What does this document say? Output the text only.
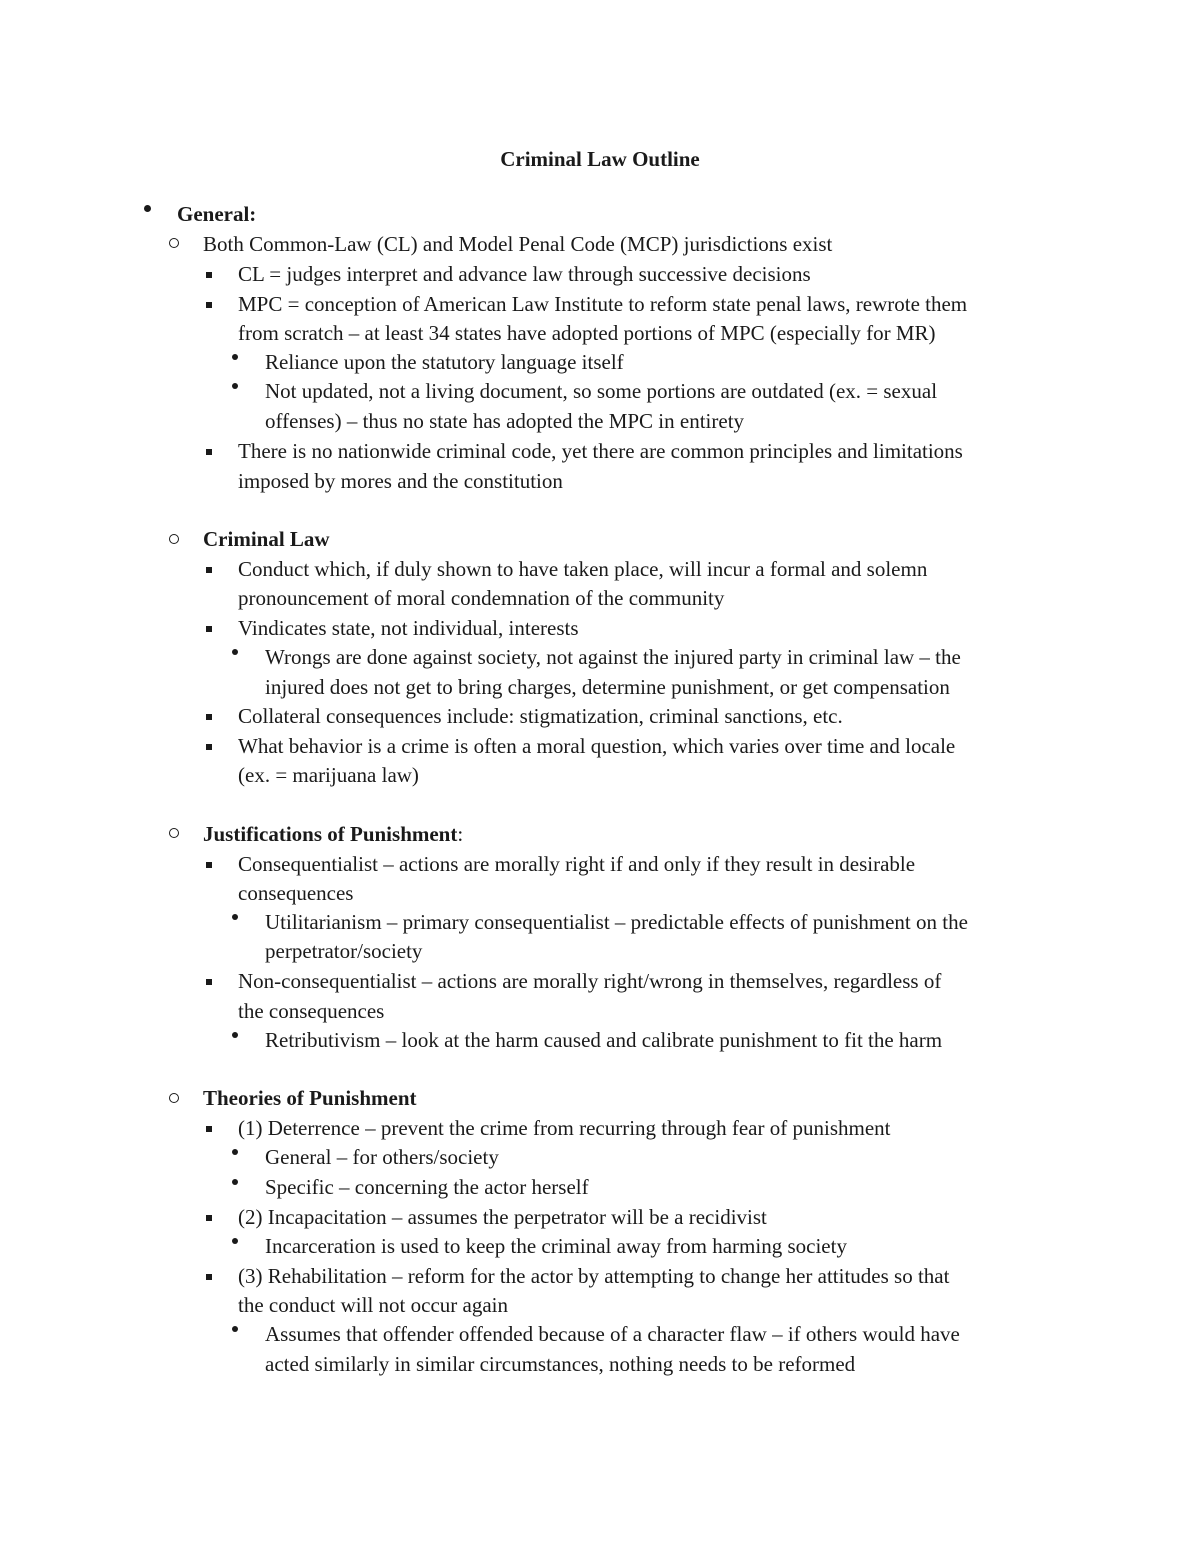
Criminal Law Outline
General:
Both Common-Law (CL) and Model Penal Code (MCP) jurisdictions exist
CL = judges interpret and advance law through successive decisions
MPC = conception of American Law Institute to reform state penal laws, rewrote them
from scratch – at least 34 states have adopted portions of MPC (especially for MR)
Reliance upon the statutory language itself
Not updated, not a living document, so some portions are outdated (ex. = sexual
offenses) – thus no state has adopted the MPC in entirety
There is no nationwide criminal code, yet there are common principles and limitations
imposed by mores and the constitution
Criminal Law
Conduct which, if duly shown to have taken place, will incur a formal and solemn
pronouncement of moral condemnation of the community
Vindicates state, not individual, interests
Wrongs are done against society, not against the injured party in criminal law – the
injured does not get to bring charges, determine punishment, or get compensation
Collateral consequences include: stigmatization, criminal sanctions, etc.
What behavior is a crime is often a moral question, which varies over time and locale
(ex. = marijuana law)
Justifications of Punishment:
Consequentialist – actions are morally right if and only if they result in desirable
consequences
Utilitarianism – primary consequentialist – predictable effects of punishment on the
perpetrator/society
Non-consequentialist – actions are morally right/wrong in themselves, regardless of
the consequences
Retributivism – look at the harm caused and calibrate punishment to fit the harm
Theories of Punishment
(1) Deterrence – prevent the crime from recurring through fear of punishment
General – for others/society
Specific – concerning the actor herself
(2) Incapacitation – assumes the perpetrator will be a recidivist
Incarceration is used to keep the criminal away from harming society
(3) Rehabilitation – reform for the actor by attempting to change her attitudes so that
the conduct will not occur again
Assumes that offender offended because of a character flaw – if others would have
acted similarly in similar circumstances, nothing needs to be reformed
